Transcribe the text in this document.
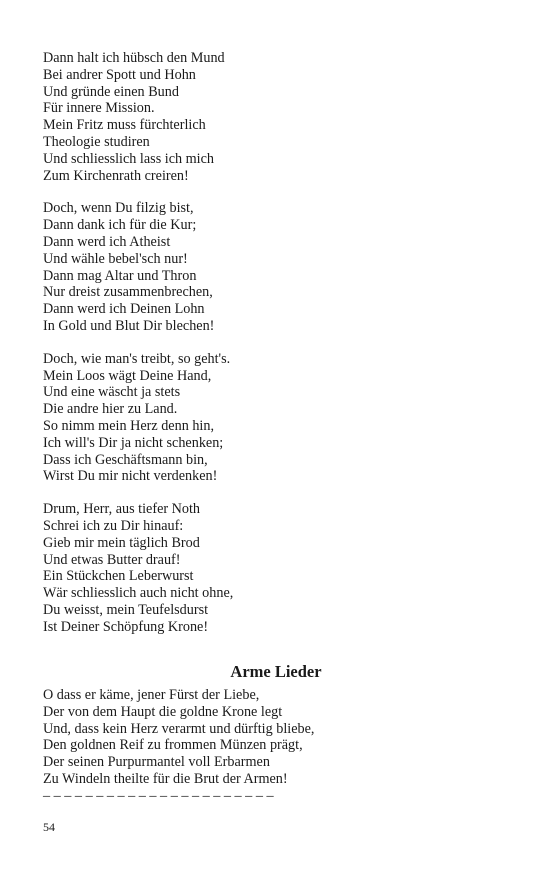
Dann halt ich hübsch den Mund
Bei andrer Spott und Hohn
Und gründe einen Bund
Für innere Mission.
Mein Fritz muss fürchterlich
Theologie studiren
Und schliesslich lass ich mich
Zum Kirchenrath creiren!
Doch, wenn Du filzig bist,
Dann dank ich für die Kur;
Dann werd ich Atheist
Und wähle bebel'sch nur!
Dann mag Altar und Thron
Nur dreist zusammenbrechen,
Dann werd ich Deinen Lohn
In Gold und Blut Dir blechen!
Doch, wie man's treibt, so geht's.
Mein Loos wägt Deine Hand,
Und eine wäscht ja stets
Die andre hier zu Land.
So nimm mein Herz denn hin,
Ich will's Dir ja nicht schenken;
Dass ich Geschäftsmann bin,
Wirst Du mir nicht verdenken!
Drum, Herr, aus tiefer Noth
Schrei ich zu Dir hinauf:
Gieb mir mein täglich Brod
Und etwas Butter drauf!
Ein Stückchen Leberwurst
Wär schliesslich auch nicht ohne,
Du weisst, mein Teufelsdurst
Ist Deiner Schöpfung Krone!
Arme Lieder
O dass er käme, jener Fürst der Liebe,
Der von dem Haupt die goldne Krone legt
Und, dass kein Herz verarmt und dürftig bliebe,
Den goldnen Reif zu frommen Münzen prägt,
Der seinen Purpurmantel voll Erbarmen
Zu Windeln theilte für die Brut der Armen!
– – – – – – – – – – – – – – – – – – – – – –
54
